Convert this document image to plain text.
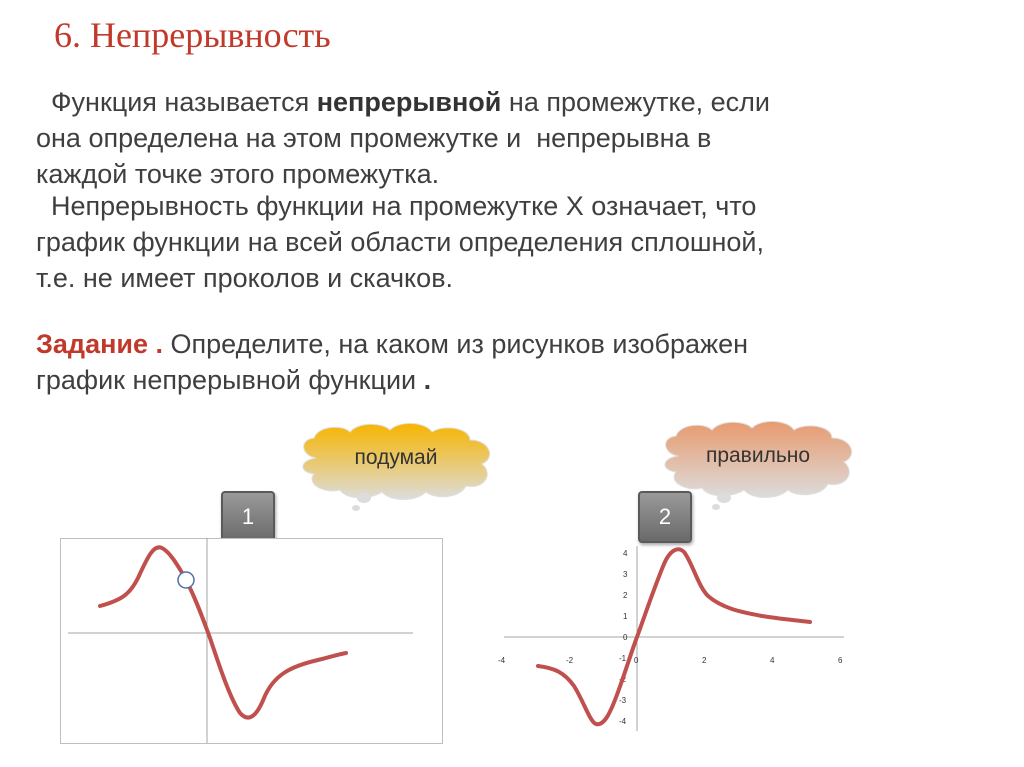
6. Непрерывность

Функция называется непрерывной на промежутке, если
она определена на этом промежутке и  непрерывна в
каждой точке этого промежутка.

Непрерывность функции на промежутке Х означает, что
график функции на всей области определения сплошной,
т.е. не имеет проколов и скачков.

Задание . Определите, на каком из рисунков изображен
график непрерывной функции .

подумай	правильно
1	2
-4	-2	0	2	4	6
4
3
2
1
0
-1
-2
-3
-4
